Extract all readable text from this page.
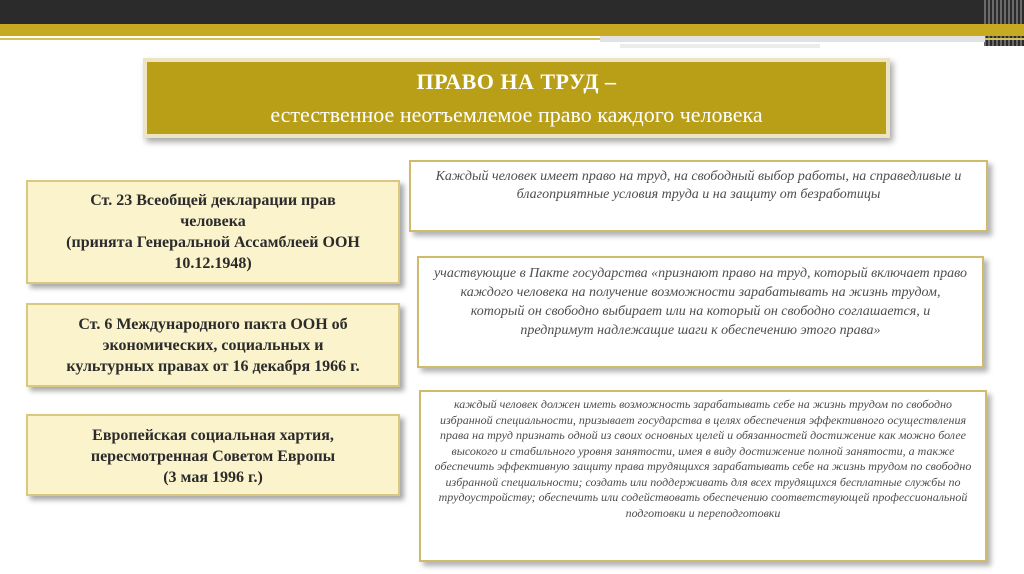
ПРАВО НА ТРУД –
естественное неотъемлемое право каждого человека
Ст. 23 Всеобщей декларации прав
человека
(принята Генеральной Ассамблеей ООН
10.12.1948)
Ст. 6 Международного пакта ООН об
экономических, социальных и
культурных правах от 16 декабря 1966 г.
Европейская социальная хартия,
пересмотренная Советом Европы
(3 мая 1996 г.)
Каждый человек имеет право на труд, на свободный выбор работы, на справедливые и благоприятные условия труда и на защиту от безработицы
участвующие в Пакте государства «признают право на труд, который включает право каждого человека на получение возможности зарабатывать на жизнь трудом, который он свободно выбирает или на который он свободно соглашается, и предпримут надлежащие шаги к обеспечению этого права»
каждый человек должен иметь возможность зарабатывать себе на жизнь трудом по свободно избранной специальности, призывает государства в целях обеспечения эффективного осуществления права на труд признать одной из своих основных целей и обязанностей достижение как можно более высокого и стабильного уровня занятости, имея в виду достижение полной занятости, а также обеспечить эффективную защиту права трудящихся зарабатывать себе на жизнь трудом по свободно избранной специальности; создать или поддерживать для всех трудящихся бесплатные службы по трудоустройству; обеспечить или содействовать обеспечению соответствующей профессиональной подготовки и переподготовки
